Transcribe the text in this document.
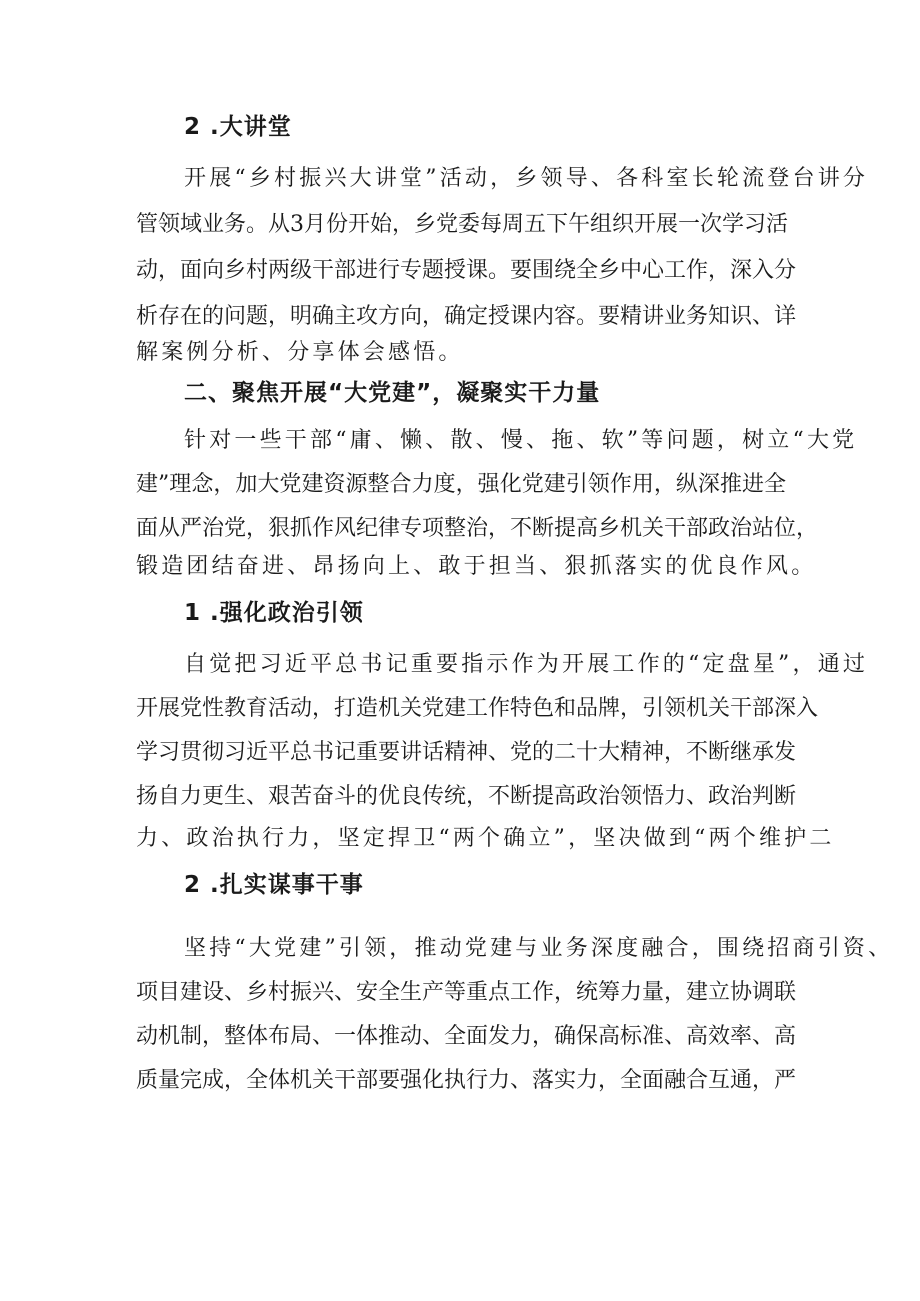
2 .大讲堂
开展“乡村振兴大讲堂”活动，乡领导、各科室长轮流登台讲分
管领域业务。从3月份开始，乡党委每周五下午组织开展一次学习活
动，面向乡村两级干部进行专题授课。要围绕全乡中心工作，深入分
析存在的问题，明确主攻方向，确定授课内容。要精讲业务知识、详
解案例分析、分享体会感悟。
二、聚焦开展“大党建”，凝聚实干力量
针对一些干部“庸、懒、散、慢、拖、软”等问题，树立“大党
建”理念，加大党建资源整合力度，强化党建引领作用，纵深推进全
面从严治党，狠抓作风纪律专项整治，不断提高乡机关干部政治站位，
锻造团结奋进、昂扬向上、敢于担当、狠抓落实的优良作风。
1 .强化政治引领
自觉把习近平总书记重要指示作为开展工作的“定盘星”，通过
开展党性教育活动，打造机关党建工作特色和品牌，引领机关干部深入
学习贯彻习近平总书记重要讲话精神、党的二十大精神，不断继承发
扬自力更生、艰苦奋斗的优良传统，不断提高政治领悟力、政治判断
力、政治执行力，坚定捍卫“两个确立”，坚决做到“两个维护二
2 .扎实谋事干事
坚持“大党建”引领，推动党建与业务深度融合，围绕招商引资、
项目建设、乡村振兴、安全生产等重点工作，统筹力量，建立协调联
动机制，整体布局、一体推动、全面发力，确保高标准、高效率、高
质量完成，全体机关干部要强化执行力、落实力，全面融合互通，严
